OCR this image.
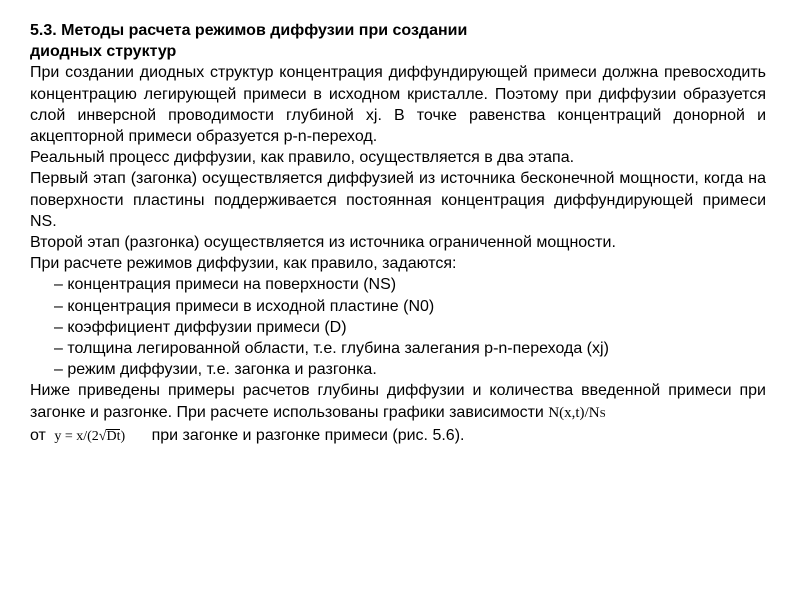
5.3. Методы расчета режимов диффузии при создании
диодных структур

При создании диодных структур концентрация диффундирующей примеси должна превосходить концентрацию легирующей примеси в исходном кристалле. Поэтому при диффузии образуется слой инверсной проводимости глубиной xj. В точке равенства концентраций донорной и акцепторной примеси образуется p-n-переход.

Реальный процесс диффузии, как правило, осуществляется в два этапа.

Первый этап (загонка) осуществляется диффузией из источника бесконечной мощности, когда на поверхности пластины поддерживается постоянная концентрация диффундирующей примеси NS.

Второй этап (разгонка) осуществляется из источника ограниченной мощности.

При расчете режимов диффузии, как правило, задаются:

– концентрация примеси на поверхности (NS)
– концентрация примеси в исходной пластине (N0)
– коэффициент диффузии примеси (D)
– толщина легированной области, т.е. глубина залегания p-n-перехода (xj)
– режим диффузии, т.е. загонка и разгонка.

Ниже приведены примеры расчетов глубины диффузии и количества введенной примеси при загонке и разгонке. При расчете использованы графики зависимости N(x,t)/NS
от y = x/(2√Dt) при загонке и разгонке примеси (рис. 5.6).
